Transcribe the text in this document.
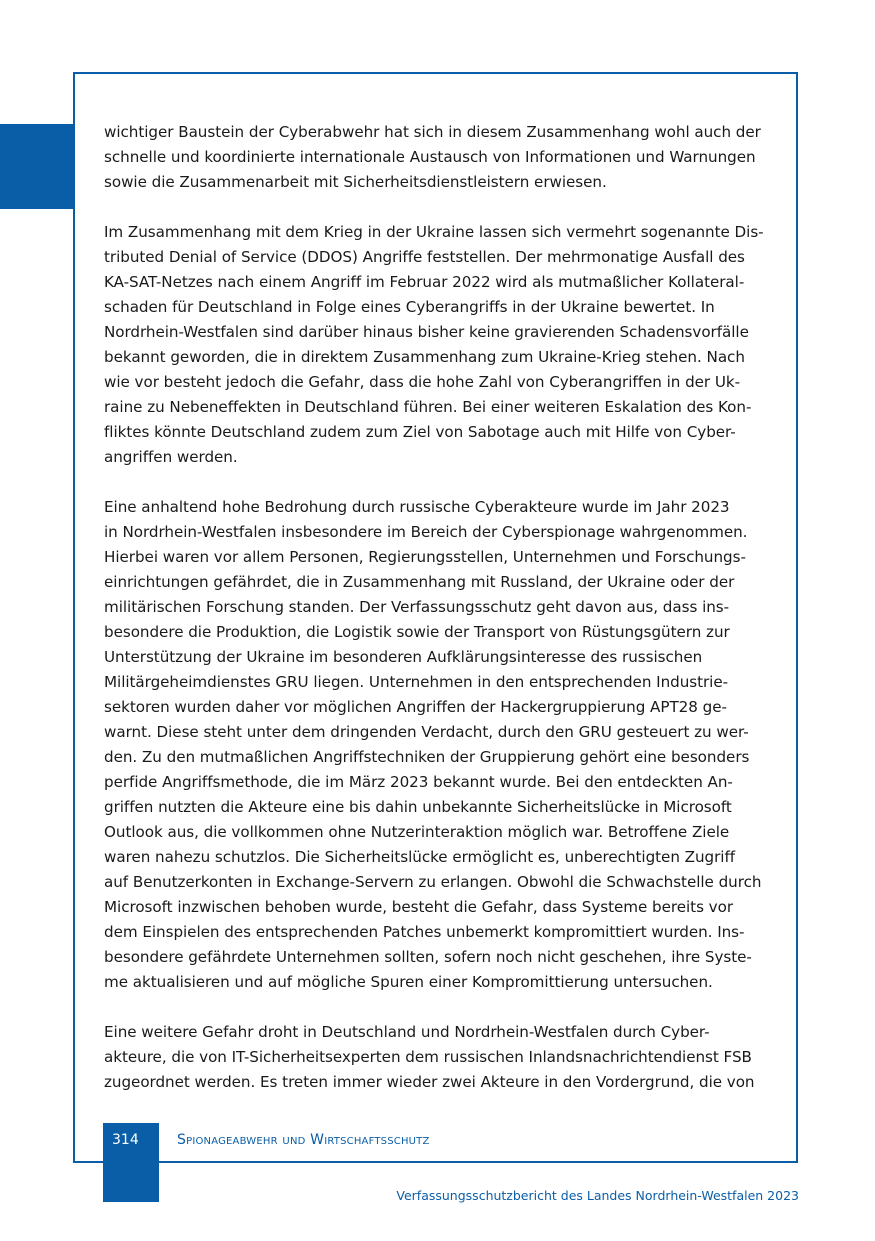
wichtiger Baustein der Cyberabwehr hat sich in diesem Zusammenhang wohl auch der
schnelle und koordinierte internationale Austausch von Informationen und Warnungen
sowie die Zusammenarbeit mit Sicherheitsdienstleistern erwiesen.
Im Zusammenhang mit dem Krieg in der Ukraine lassen sich vermehrt sogenannte Dis-
tributed Denial of Service (DDOS) Angriffe feststellen. Der mehrmonatige Ausfall des
KA-SAT-Netzes nach einem Angriff im Februar 2022 wird als mutmaßlicher Kollateral-
schaden für Deutschland in Folge eines Cyberangriffs in der Ukraine bewertet. In
Nordrhein-Westfalen sind darüber hinaus bisher keine gravierenden Schadensvorfälle
bekannt geworden, die in direktem Zusammenhang zum Ukraine-Krieg stehen. Nach
wie vor besteht jedoch die Gefahr, dass die hohe Zahl von Cyberangriffen in der Uk-
raine zu Nebeneffekten in Deutschland führen. Bei einer weiteren Eskalation des Kon-
fliktes könnte Deutschland zudem zum Ziel von Sabotage auch mit Hilfe von Cyber-
angriffen werden.
Eine anhaltend hohe Bedrohung durch russische Cyberakteure wurde im Jahr 2023
in Nordrhein-Westfalen insbesondere im Bereich der Cyberspionage wahrgenommen.
Hierbei waren vor allem Personen, Regierungsstellen, Unternehmen und Forschungs-
einrichtungen gefährdet, die in Zusammenhang mit Russland, der Ukraine oder der
militärischen Forschung standen. Der Verfassungsschutz geht davon aus, dass ins-
besondere die Produktion, die Logistik sowie der Transport von Rüstungsgütern zur
Unterstützung der Ukraine im besonderen Aufklärungsinteresse des russischen
Militärgeheimdienstes GRU liegen. Unternehmen in den entsprechenden Industrie-
sektoren wurden daher vor möglichen Angriffen der Hackergruppierung APT28 ge-
warnt. Diese steht unter dem dringenden Verdacht, durch den GRU gesteuert zu wer-
den. Zu den mutmaßlichen Angriffstechniken der Gruppierung gehört eine besonders
perfide Angriffsmethode, die im März 2023 bekannt wurde. Bei den entdeckten An-
griffen nutzten die Akteure eine bis dahin unbekannte Sicherheitslücke in Microsoft
Outlook aus, die vollkommen ohne Nutzerinteraktion möglich war. Betroffene Ziele
waren nahezu schutzlos. Die Sicherheitslücke ermöglicht es, unberechtigten Zugriff
auf Benutzerkonten in Exchange-Servern zu erlangen. Obwohl die Schwachstelle durch
Microsoft inzwischen behoben wurde, besteht die Gefahr, dass Systeme bereits vor
dem Einspielen des entsprechenden Patches unbemerkt kompromittiert wurden. Ins-
besondere gefährdete Unternehmen sollten, sofern noch nicht geschehen, ihre Syste-
me aktualisieren und auf mögliche Spuren einer Kompromittierung untersuchen.
Eine weitere Gefahr droht in Deutschland und Nordrhein-Westfalen durch Cyber-
akteure, die von IT-Sicherheitsexperten dem russischen Inlandsnachrichtendienst FSB
zugeordnet werden. Es treten immer wieder zwei Akteure in den Vordergrund, die von
314	Spionageabwehr und Wirtschaftsschutz
Verfassungsschutzbericht des Landes Nordrhein-Westfalen 2023
